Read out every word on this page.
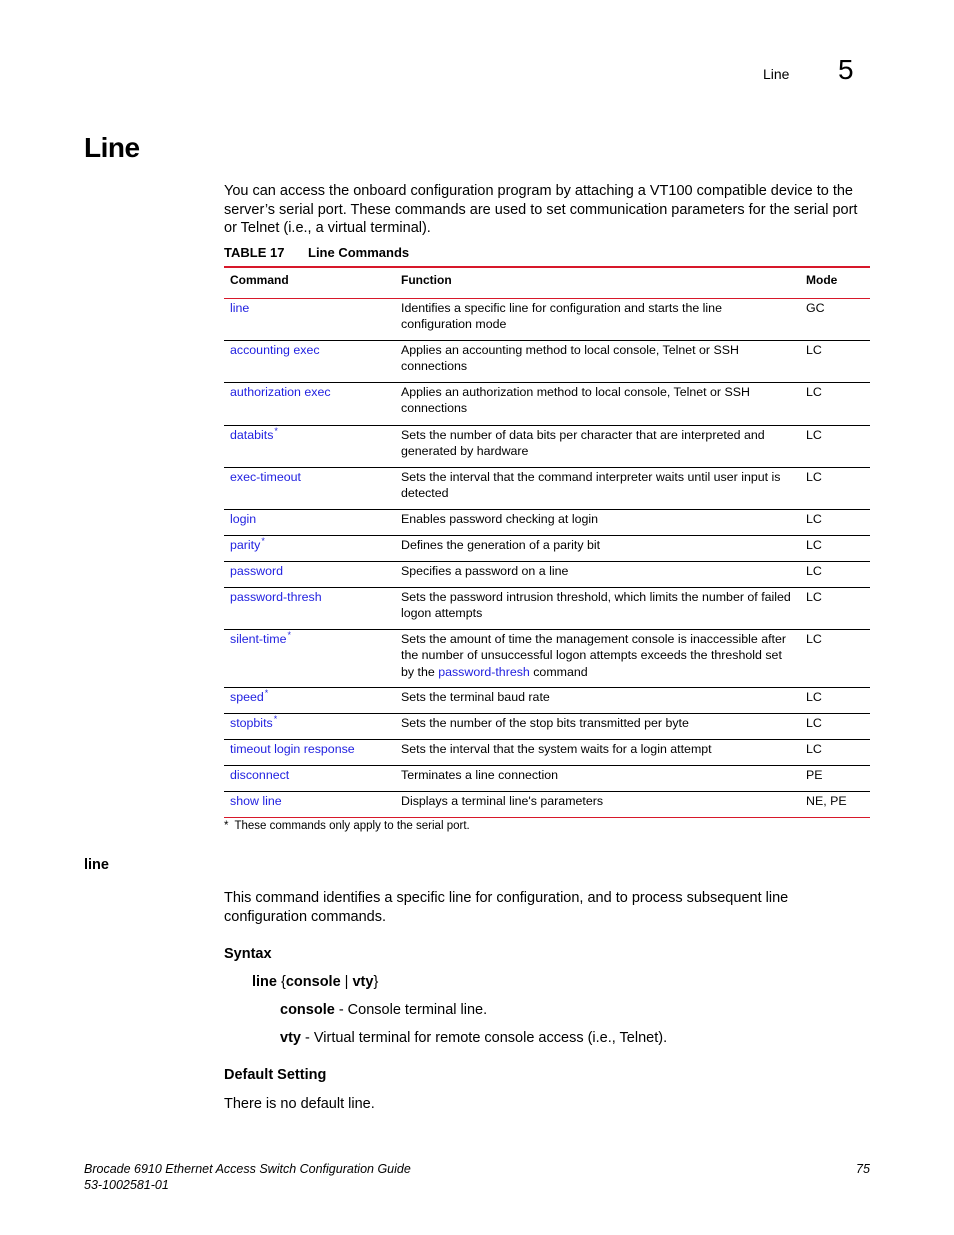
Line 5
Line
You can access the onboard configuration program by attaching a VT100 compatible device to the server’s serial port. These commands are used to set communication parameters for the serial port or Telnet (i.e., a virtual terminal).
TABLE 17 Line Commands
Command	Function	Mode
line	Identifies a specific line for configuration and starts the line configuration mode	GC
accounting exec	Applies an accounting method to local console, Telnet or SSH connections	LC
authorization exec	Applies an authorization method to local console, Telnet or SSH connections	LC
databits*	Sets the number of data bits per character that are interpreted and generated by hardware	LC
exec-timeout	Sets the interval that the command interpreter waits until user input is detected	LC
login	Enables password checking at login	LC
parity*	Defines the generation of a parity bit	LC
password	Specifies a password on a line	LC
password-thresh	Sets the password intrusion threshold, which limits the number of failed logon attempts	LC
silent-time*	Sets the amount of time the management console is inaccessible after the number of unsuccessful logon attempts exceeds the threshold set by the password-thresh command	LC
speed*	Sets the terminal baud rate	LC
stopbits*	Sets the number of the stop bits transmitted per byte	LC
timeout login response	Sets the interval that the system waits for a login attempt	LC
disconnect	Terminates a line connection	PE
show line	Displays a terminal line's parameters	NE, PE
* These commands only apply to the serial port.
line
This command identifies a specific line for configuration, and to process subsequent line configuration commands.
Syntax
line {console | vty}
console - Console terminal line.
vty - Virtual terminal for remote console access (i.e., Telnet).
Default Setting
There is no default line.
Brocade 6910 Ethernet Access Switch Configuration Guide
53-1002581-01
75
